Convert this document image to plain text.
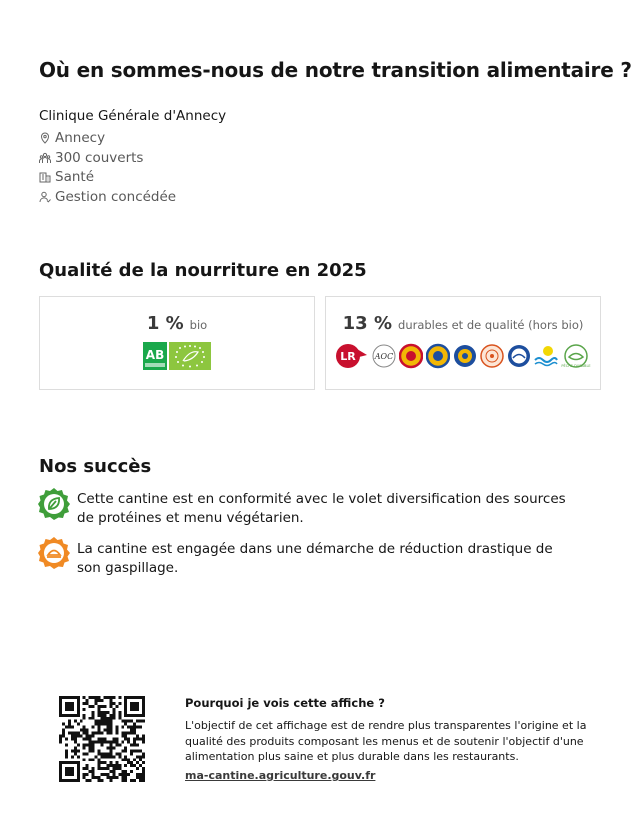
Où en sommes-nous de notre transition alimentaire ?
Clinique Générale d'Annecy
Annecy
300 couverts
Santé
Gestion concédée
Qualité de la nourriture en 2025
1 % bio
AB
13 % durables et de qualité (hors bio)
LR AOC
PÊCHE DURABLE
Nos succès
Cette cantine est en conformité avec le volet diversification des sources de protéines et menu végétarien.
La cantine est engagée dans une démarche de réduction drastique de son gaspillage.
Pourquoi je vois cette affiche ?
L'objectif de cet affichage est de rendre plus transparentes l'origine et la qualité des produits composant les menus et de soutenir l'objectif d'une alimentation plus saine et plus durable dans les restaurants.
ma-cantine.agriculture.gouv.fr
